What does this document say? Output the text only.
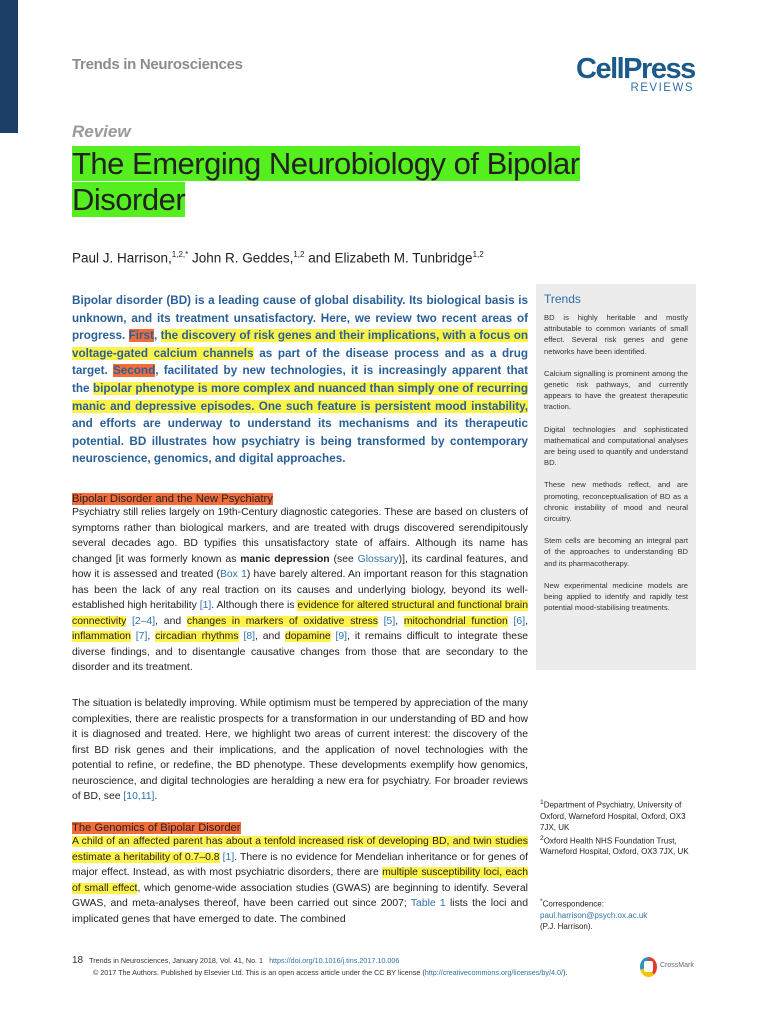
Trends in Neurosciences	CellPress
REVIEWS
Review
The Emerging Neurobiology of Bipolar
Disorder
Paul J. Harrison,$^{1,2,*}$ John R. Geddes,$^{1,2}$ and Elizabeth M. Tunbridge$^{1,2}$
Bipolar disorder (BD) is a leading cause of global disability. Its biological basis is unknown, and its treatment unsatisfactory. Here, we review two recent areas of progress. First, the discovery of risk genes and their implications, with a focus on voltage-gated calcium channels as part of the disease process and as a drug target. Second, facilitated by new technologies, it is increasingly apparent that the bipolar phenotype is more complex and nuanced than simply one of recurring manic and depressive episodes. One such feature is persistent mood instability, and efforts are underway to understand its mechanisms and its therapeutic potential. BD illustrates how psychiatry is being transformed by contemporary neuroscience, genomics, and digital approaches.
Trends

BD is highly heritable and mostly attributable to common variants of small effect. Several risk genes and gene networks have been identified.

Calcium signalling is prominent among the genetic risk pathways, and currently appears to have the greatest therapeutic traction.

Digital technologies and sophisticated mathematical and computational analyses are being used to quantify and understand BD.

These new methods reflect, and are promoting, reconceptualisation of BD as a chronic instability of mood and neural circuitry.

Stem cells are becoming an integral part of the approaches to understanding BD and its pharmacotherapy.

New experimental medicine models are being applied to identify and rapidly test potential mood-stabilising treatments.

Bipolar Disorder and the New Psychiatry
Psychiatry still relies largely on 19th-Century diagnostic categories. These are based on clusters of symptoms rather than biological markers, and are treated with drugs discovered serendipitously several decades ago. BD typifies this unsatisfactory state of affairs. Although its name has changed [it was formerly known as manic depression (see Glossary)], its cardinal features, and how it is assessed and treated (Box 1) have barely altered. An important reason for this stagnation has been the lack of any real traction on its causes and underlying biology, beyond its well-established high heritability [1]. Although there is evidence for altered structural and functional brain connectivity [2–4], and changes in markers of oxidative stress [5], mitochondrial function [6], inflammation [7], circadian rhythms [8], and dopamine [9], it remains difficult to integrate these diverse findings, and to disentangle causative changes from those that are secondary to the disorder and its treatment.
The situation is belatedly improving. While optimism must be tempered by appreciation of the many complexities, there are realistic prospects for a transformation in our understanding of BD and how it is diagnosed and treated. Here, we highlight two areas of current interest: the discovery of the first BD risk genes and their implications, and the application of novel technologies with the potential to refine, or redefine, the BD phenotype. These developments exemplify how genomics, neuroscience, and digital technologies are heralding a new era for psychiatry. For broader reviews of BD, see [10,11].
The Genomics of Bipolar Disorder
A child of an affected parent has about a tenfold increased risk of developing BD, and twin studies estimate a heritability of 0.7–0.8 [1]. There is no evidence for Mendelian inheritance or for genes of major effect. Instead, as with most psychiatric disorders, there are multiple susceptibility loci, each of small effect, which genome-wide association studies (GWAS) are beginning to identify. Several GWAS, and meta-analyses thereof, have been carried out since 2007; Table 1 lists the loci and implicated genes that have emerged to date. The combined

$^1$Department of Psychiatry, University of Oxford, Warneford Hospital, Oxford, OX3 7JX, UK

$^2$Oxford Health NHS Foundation Trust, Warneford Hospital, Oxford, OX3 7JX, UK

*Correspondence:
paul.harrison@psych.ox.ac.uk
(P.J. Harrison).
18 Trends in Neurosciences, January 2018, Vol. 41, No. 1 https://doi.org/10.1016/j.tins.2017.10.006
© 2017 The Authors. Published by Elsevier Ltd. This is an open access article under the CC BY license (http://creativecommons.org/licenses/by/4.0/).
CrossMark
